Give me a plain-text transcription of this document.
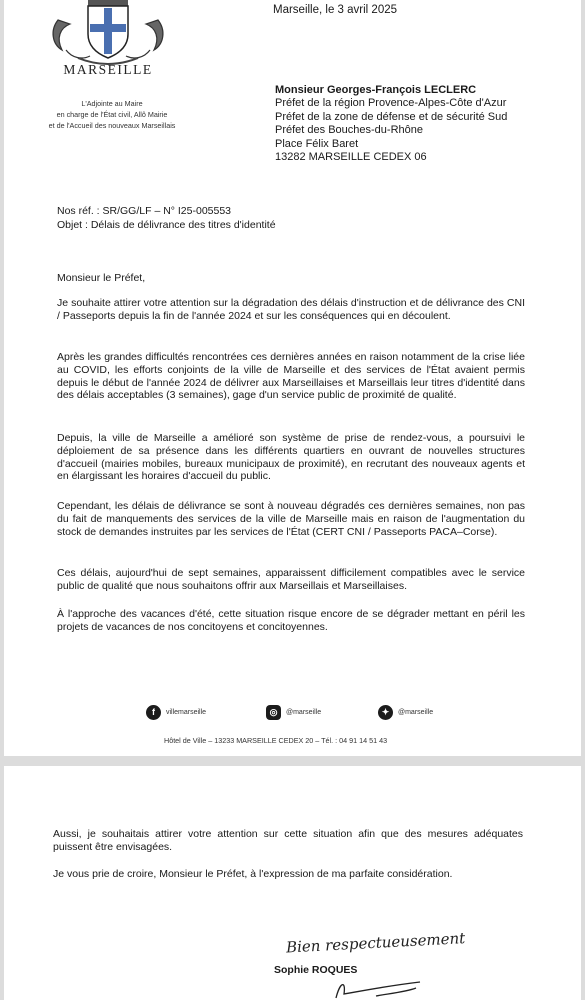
MARSEILLE
L'Adjointe au Maire
en charge de l'État civil, Allô Mairie
et de l'Accueil des nouveaux Marseillais
Marseille, le 3 avril 2025
Monsieur Georges-François LECLERC
Préfet de la région Provence-Alpes-Côte d'Azur
Préfet de la zone de défense et de sécurité Sud
Préfet des Bouches-du-Rhône
Place Félix Baret
13282 MARSEILLE CEDEX 06
Nos réf. : SR/GG/LF – N° I25-005553
Objet : Délais de délivrance des titres d'identité
Monsieur le Préfet,

Je souhaite attirer votre attention sur la dégradation des délais d'instruction et de délivrance des CNI / Passeports depuis la fin de l'année 2024 et sur les conséquences qui en découlent.

Après les grandes difficultés rencontrées ces dernières années en raison notamment de la crise liée au COVID, les efforts conjoints de la ville de Marseille et des services de l'État avaient permis depuis le début de l'année 2024 de délivrer aux Marseillaises et Marseillais leur titres d'identité dans des délais acceptables (3 semaines), gage d'un service public de proximité de qualité.

Depuis, la ville de Marseille a amélioré son système de prise de rendez-vous, a poursuivi le déploiement de sa présence dans les différents quartiers en ouvrant de nouvelles structures d'accueil (mairies mobiles, bureaux municipaux de proximité), en recrutant des nouveaux agents et en élargissant les horaires d'accueil du public.

Cependant, les délais de délivrance se sont à nouveau dégradés ces dernières semaines, non pas du fait de manquements des services de la ville de Marseille mais en raison de l'augmentation du stock de demandes instruites par les services de l'État (CERT CNI / Passeports PACA–Corse).

Ces délais, aujourd'hui de sept semaines, apparaissent difficilement compatibles avec le service public de qualité que nous souhaitons offrir aux Marseillais et Marseillaises.

À l'approche des vacances d'été, cette situation risque encore de se dégrader mettant en péril les projets de vacances de nos concitoyens et concitoyennes.

f	villemarseille	◎	@marseille	✦	@marseille
Hôtel de Ville – 13233 MARSEILLE CEDEX 20 – Tél. : 04 91 14 51 43

Aussi, je souhaitais attirer votre attention sur cette situation afin que des mesures adéquates puissent être envisagées.

Je vous prie de croire, Monsieur le Préfet, à l'expression de ma parfaite considération.

Bien respectueusement
Sophie ROQUES
